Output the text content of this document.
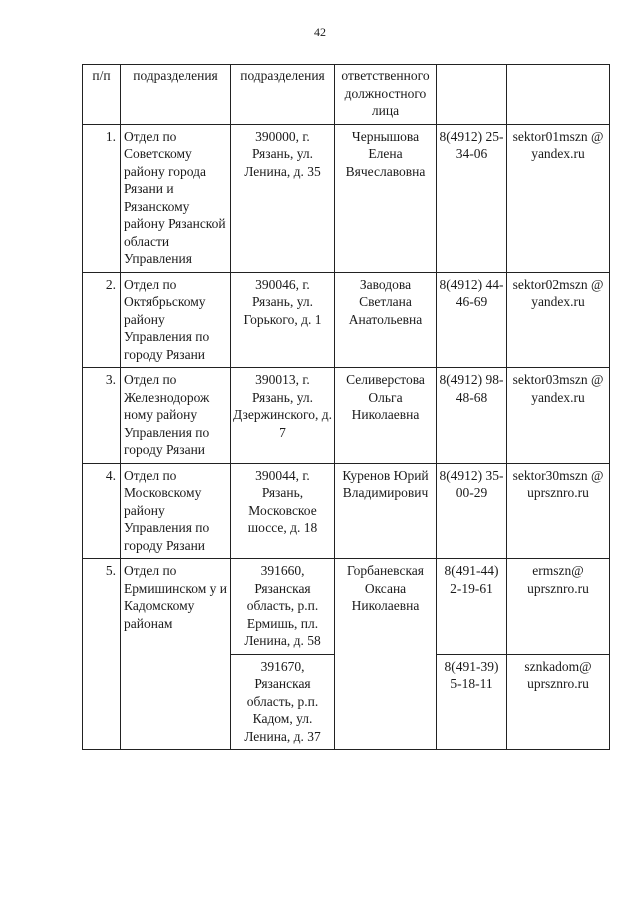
42
п/п	подразделения	подразделения	ответственного должностного лица		
1.	Отдел по Советскому району города Рязани и Рязанскому району Рязанской области Управления	390000, г. Рязань, ул. Ленина, д. 35	Чернышова Елена Вячеславовна	8(4912) 25-34-06	sektor01mszn @ yandex.ru
2.	Отдел по Октябрьскому району Управления по городу Рязани	390046, г. Рязань, ул. Горького, д. 1	Заводова Светлана Анатольевна	8(4912) 44-46-69	sektor02mszn @ yandex.ru
3.	Отдел по Железнодорож ному району Управления по городу Рязани	390013, г. Рязань, ул. Дзержинского, д. 7	Селиверстова Ольга Николаевна	8(4912) 98-48-68	sektor03mszn @ yandex.ru
4.	Отдел по Московскому району Управления по городу Рязани	390044, г. Рязань, Московское шоссе, д. 18	Куренов Юрий Владимирович	8(4912) 35-00-29	sektor30mszn @ uprsznro.ru
5.	Отдел по Ермишинском у и Кадомскому районам	391660, Рязанская область, р.п. Ермишь, пл. Ленина, д. 58	Горбаневская Оксана Николаевна	8(491-44) 2-19-61	ermszn@ uprsznro.ru
		391670, Рязанская область, р.п. Кадом, ул. Ленина, д. 37		8(491-39) 5-18-11	sznkadom@ uprsznro.ru
